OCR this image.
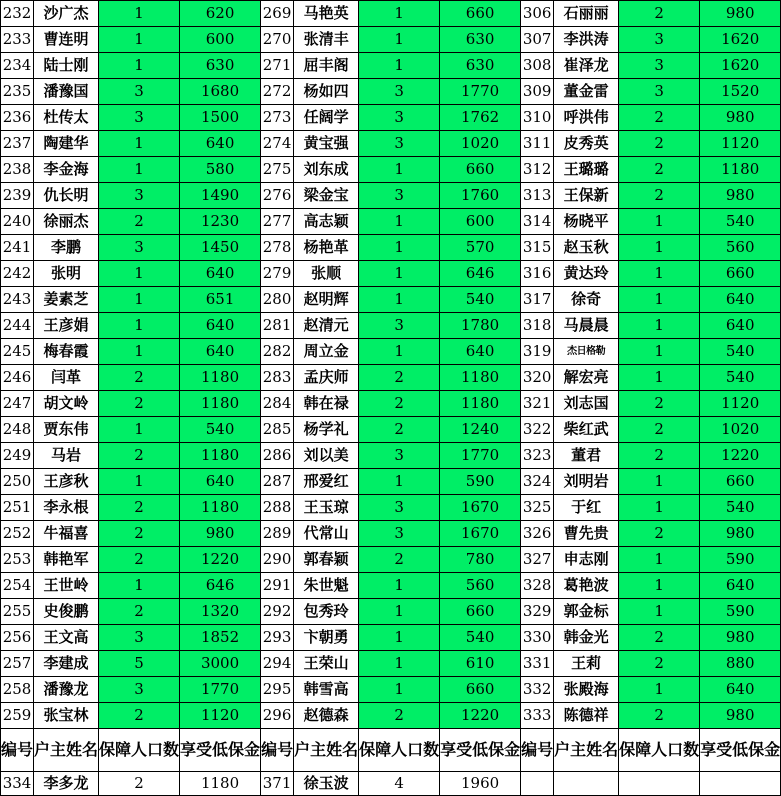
232	沙广杰	1	620	269	马艳英	1	660	306	石丽丽	2	980
233	曹连明	1	600	270	张清丰	1	630	307	李洪涛	3	1620
234	陆士刚	1	630	271	屈丰阁	1	630	308	崔泽龙	3	1620
235	潘豫国	3	1680	272	杨如四	3	1770	309	董金雷	3	1520
236	杜传太	3	1500	273	任阔学	3	1762	310	呼洪伟	2	980
237	陶建华	1	640	274	黄宝强	3	1020	311	皮秀英	2	1120
238	李金海	1	580	275	刘东成	1	660	312	王璐璐	2	1180
239	仇长明	3	1490	276	梁金宝	3	1760	313	王保新	2	980
240	徐丽杰	2	1230	277	高志颖	1	600	314	杨晓平	1	540
241	李鹏	3	1450	278	杨艳革	1	570	315	赵玉秋	1	560
242	张明	1	640	279	张顺	1	646	316	黄达玲	1	660
243	姜素芝	1	651	280	赵明辉	1	540	317	徐奇	1	640
244	王彦娟	1	640	281	赵清元	3	1780	318	马晨晨	1	640
245	梅春霞	1	640	282	周立金	1	640	319	杰日格勒	1	540
246	闫革	2	1180	283	孟庆师	2	1180	320	解宏亮	1	540
247	胡文岭	2	1180	284	韩在禄	2	1180	321	刘志国	2	1120
248	贾东伟	1	540	285	杨学礼	2	1240	322	柴红武	2	1020
249	马岩	2	1180	286	刘以美	3	1770	323	董君	2	1220
250	王彦秋	1	640	287	邢爱红	1	590	324	刘明岩	1	660
251	李永根	2	1180	288	王玉琼	3	1670	325	于红	1	540
252	牛福喜	2	980	289	代常山	3	1670	326	曹先贵	2	980
253	韩艳军	2	1220	290	郭春颖	2	780	327	申志刚	1	590
254	王世岭	1	646	291	朱世魁	1	560	328	葛艳波	1	640
255	史俊鹏	2	1320	292	包秀玲	1	660	329	郭金标	1	590
256	王文高	3	1852	293	卞朝勇	1	540	330	韩金光	2	980
257	李建成	5	3000	294	王荣山	1	610	331	王莉	2	880
258	潘豫龙	3	1770	295	韩雪高	1	660	332	张殿海	1	640
259	张宝林	2	1120	296	赵德森	2	1220	333	陈德祥	2	980
编号	户主姓名	保障人口数	享受低保金	编号	户主姓名	保障人口数	享受低保金	编号	户主姓名	保障人口数	享受低保金
334	李多龙	2	1180	371	徐玉波	4	1960				
